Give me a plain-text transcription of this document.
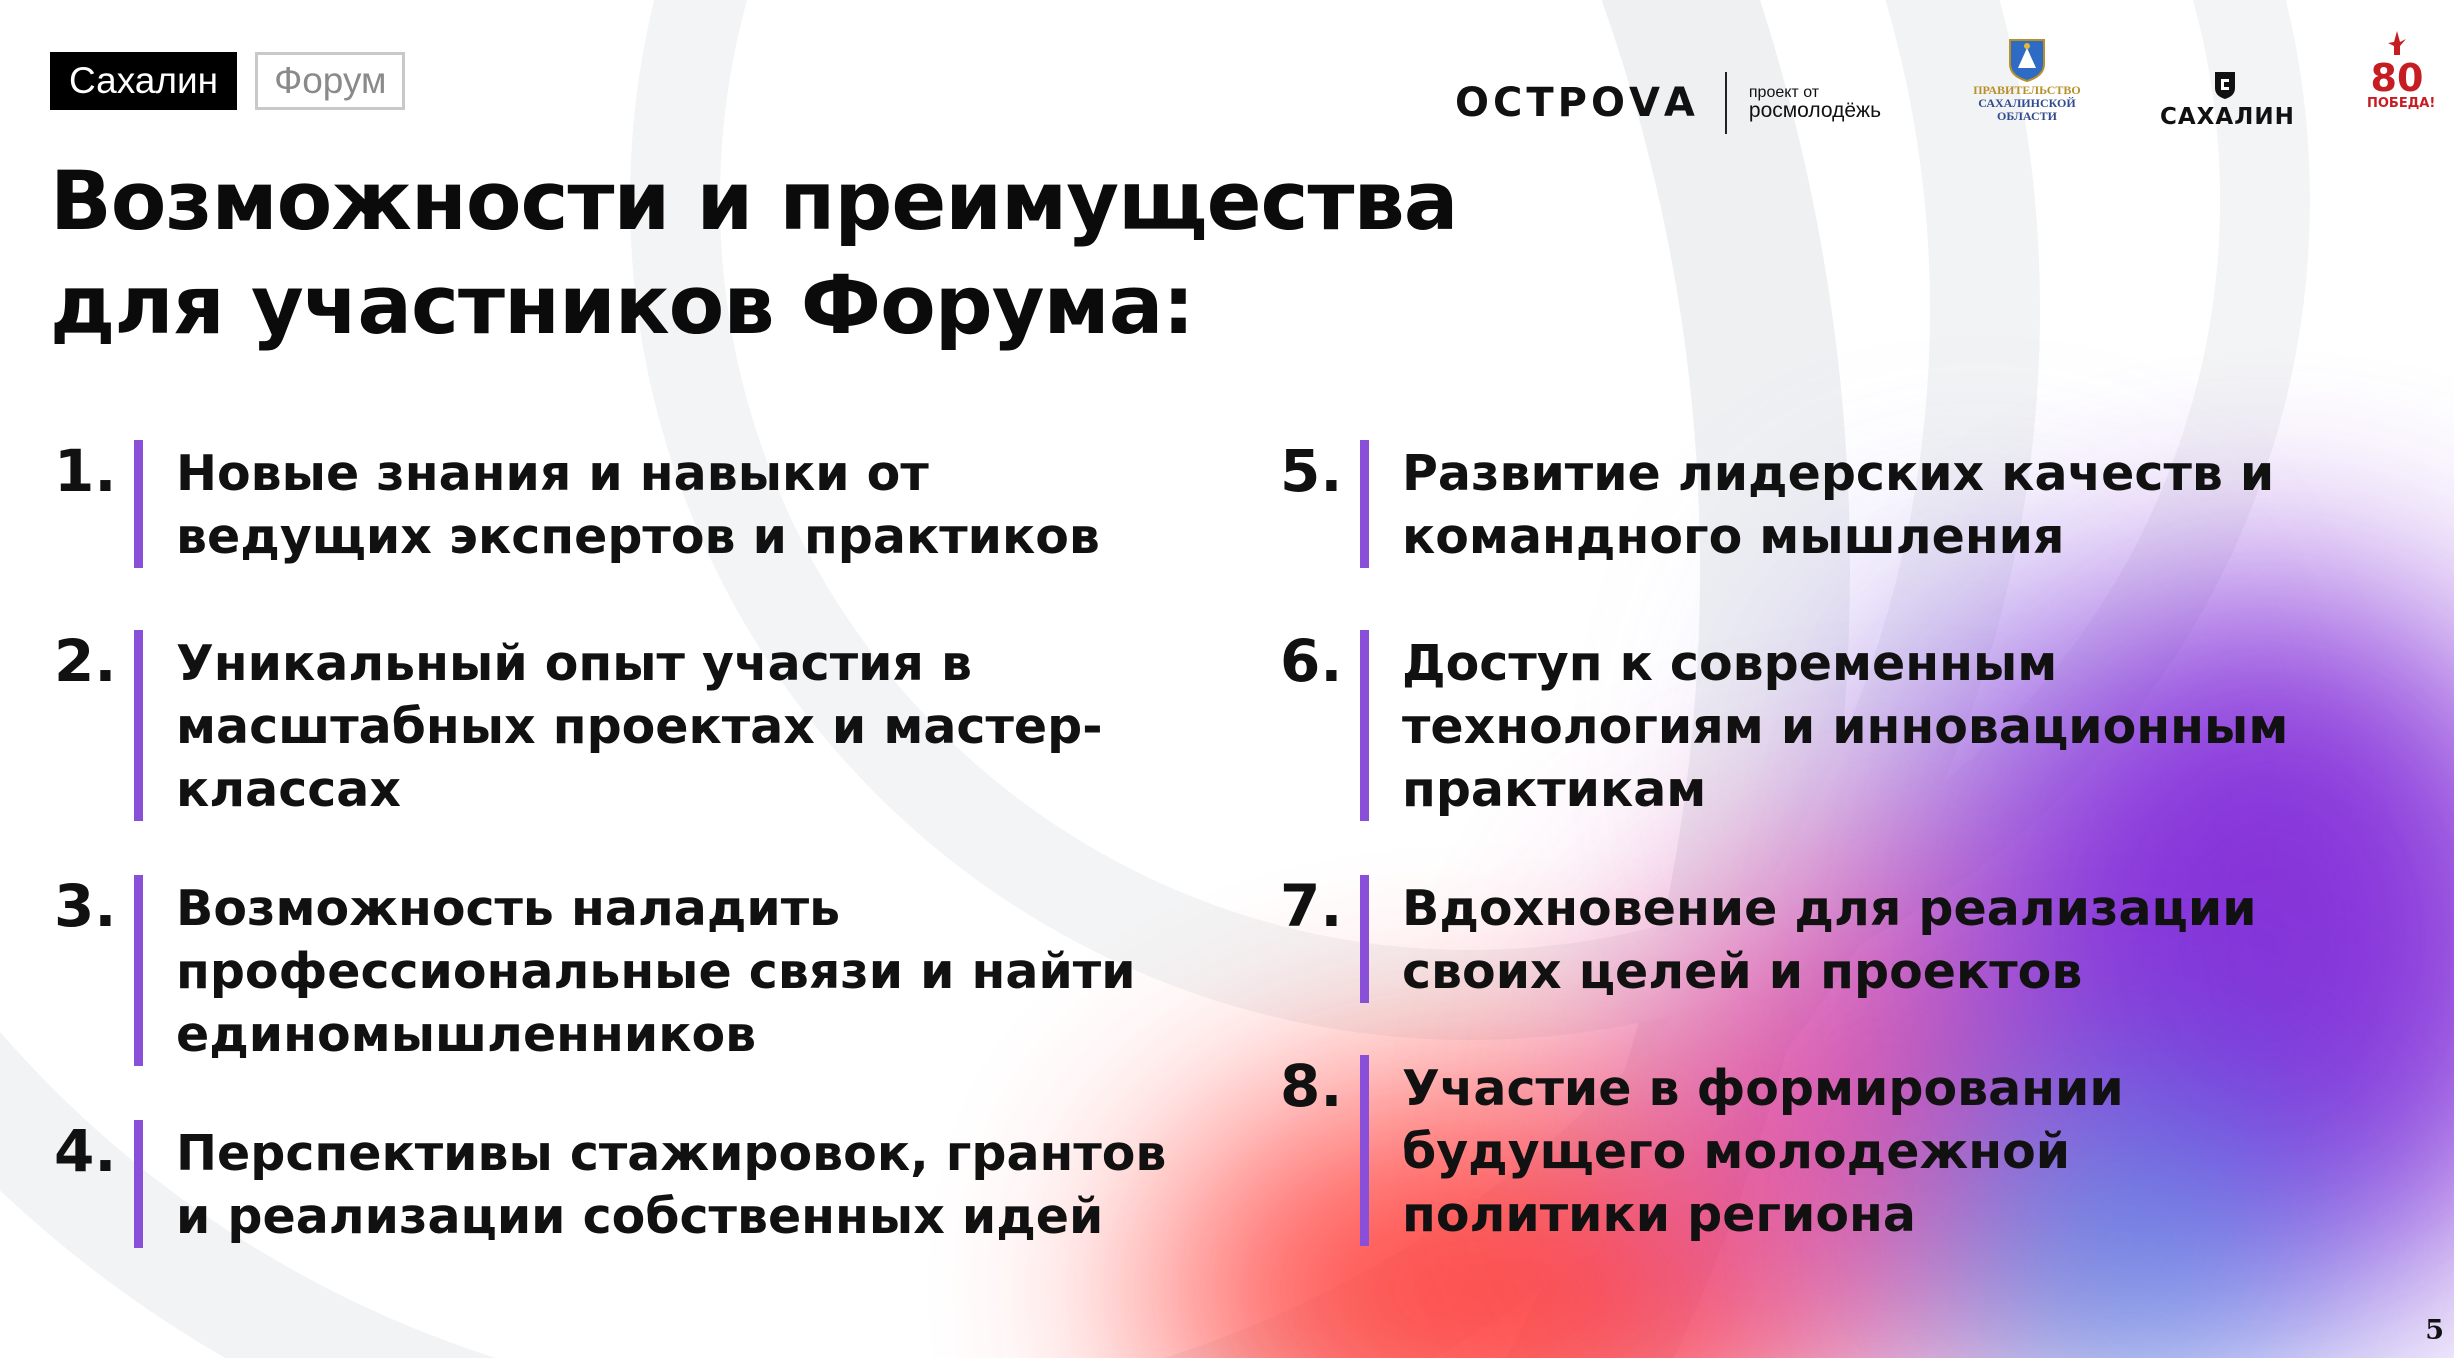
Сахалин	Форум	ОСТРОVА	проект от
росмолодёжь
ПРАВИТЕЛЬСТВО
САХАЛИНСКОЙ
ОБЛАСТИ	САХАЛИН
80
ПОБЕДА!
Возможности и преимущества
для участников Форума:
1.	Новые знания и навыки от
ведущих экспертов и практиков
2.	Уникальный опыт участия в
масштабных проектах и мастер-
классах
3.	Возможность наладить
профессиональные связи и найти
единомышленников
4.	Перспективы стажировок, грантов
и реализации собственных идей
5.	Развитие лидерских качеств и
командного мышления
6.	Доступ к современным
технологиям и инновационным
практикам
7.	Вдохновение для реализации
своих целей и проектов
8.	Участие в формировании
будущего молодежной
политики региона
5
